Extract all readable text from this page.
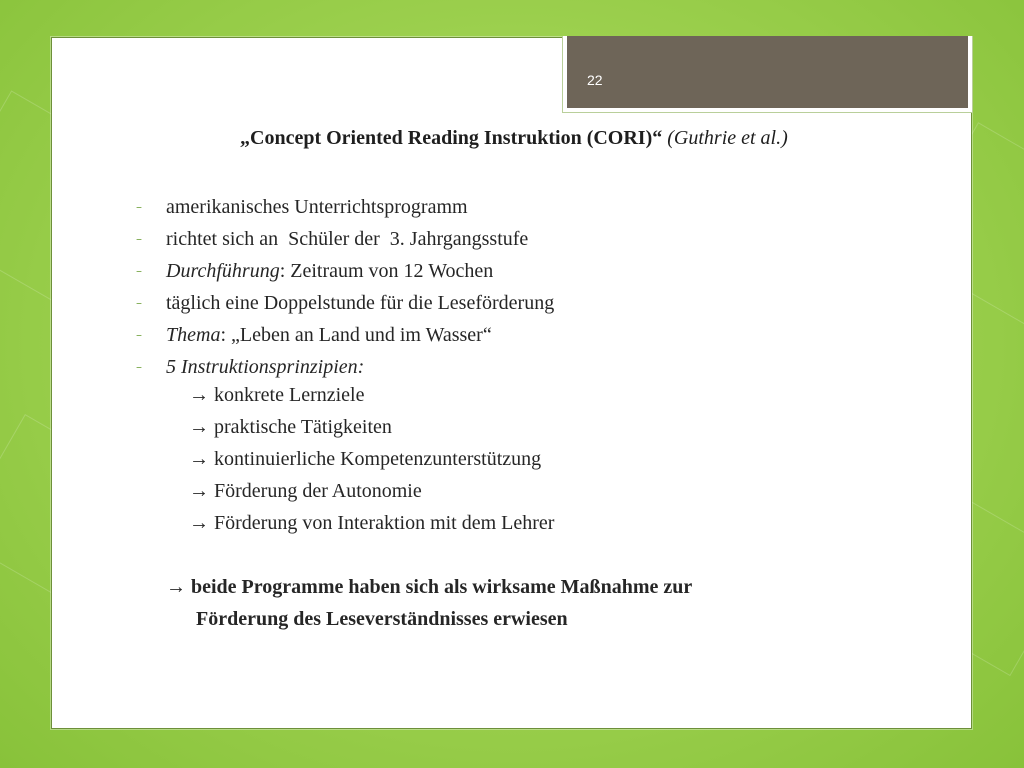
22
„Concept Oriented Reading Instruktion (CORI)“ (Guthrie et al.)
– amerikanisches Unterrichtsprogramm
– richtet sich an  Schüler der  3. Jahrgangsstufe
– Durchführung: Zeitraum von 12 Wochen
– täglich eine Doppelstunde für die Leseförderung
– Thema: „Leben an Land und im Wasser“
– 5 Instruktionsprinzipien:
→ konkrete Lernziele
→ praktische Tätigkeiten
→ kontinuierliche Kompetenzunterstützung
→ Förderung der Autonomie
→ Förderung von Interaktion mit dem Lehrer
→ beide Programme haben sich als wirksame Maßnahme zur
Förderung des Leseverständnisses erwiesen
